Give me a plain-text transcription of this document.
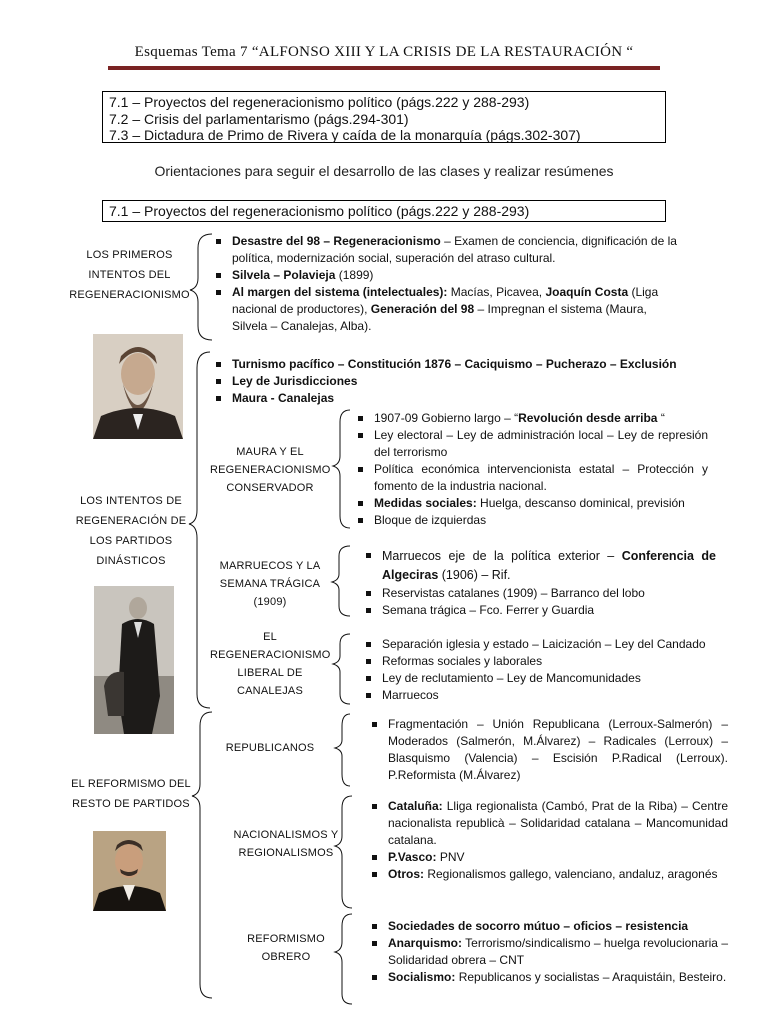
Esquemas Tema 7 “ALFONSO XIII Y LA CRISIS DE LA RESTAURACIÓN “
7.1 – Proyectos del regeneracionismo político (págs.222 y 288-293)
7.2 – Crisis del parlamentarismo (págs.294-301)
7.3 – Dictadura de Primo de Rivera y caída de la monarquía (págs.302-307)
Orientaciones para seguir el desarrollo de las clases y realizar resúmenes
7.1 – Proyectos del regeneracionismo político (págs.222 y 288-293)
LOS PRIMEROS
INTENTOS DEL
REGENERACIONISMO
LOS INTENTOS DE
REGENERACIÓN DE
LOS PARTIDOS
DINÁSTICOS
EL REFORMISMO DEL
RESTO DE PARTIDOS
Desastre del 98 – Regeneracionismo – Examen de conciencia, dignificación de la política, modernización social, superación del atraso cultural.
Silvela – Polavieja (1899)
Al margen del sistema (intelectuales): Macías, Picavea, Joaquín Costa (Liga nacional de productores), Generación del 98 – Impregnan el sistema (Maura, Silvela – Canalejas, Alba).
Turnismo pacífico – Constitución 1876 – Caciquismo – Pucherazo – Exclusión
Ley de Jurisdicciones
Maura - Canalejas
MAURA Y EL
REGENERACIONISMO
CONSERVADOR
1907-09 Gobierno largo – “Revolución desde arriba “
Ley electoral – Ley de administración local – Ley de represión del terrorismo
Política económica intervencionista estatal – Protección y fomento de la industria nacional.
Medidas sociales: Huelga, descanso dominical, previsión
Bloque de izquierdas
MARRUECOS Y LA
SEMANA TRÁGICA
(1909)
Marruecos eje de la política exterior – Conferencia de Algeciras (1906) – Rif.
Reservistas catalanes (1909) – Barranco del lobo
Semana trágica – Fco. Ferrer y Guardia
EL
REGENERACIONISMO
LIBERAL DE
CANALEJAS
Separación iglesia y estado – Laicización – Ley del Candado
Reformas sociales y laborales
Ley de reclutamiento – Ley de Mancomunidades
Marruecos
REPUBLICANOS
Fragmentación – Unión Republicana (Lerroux-Salmerón) – Moderados (Salmerón, M.Álvarez) – Radicales (Lerroux) – Blasquismo (Valencia) – Escisión P.Radical (Lerroux). P.Reformista (M.Álvarez)
NACIONALISMOS Y
REGIONALISMOS
Cataluña: Lliga regionalista (Cambó, Prat de la Riba) – Centre nacionalista republicà – Solidaridad catalana – Mancomunidad catalana.
P.Vasco: PNV
Otros: Regionalismos gallego, valenciano, andaluz, aragonés
REFORMISMO
OBRERO
Sociedades de socorro mútuo – oficios – resistencia
Anarquismo: Terrorismo/sindicalismo – huelga revolucionaria – Solidaridad obrera – CNT
Socialismo: Republicanos y socialistas – Araquistáin, Besteiro.
